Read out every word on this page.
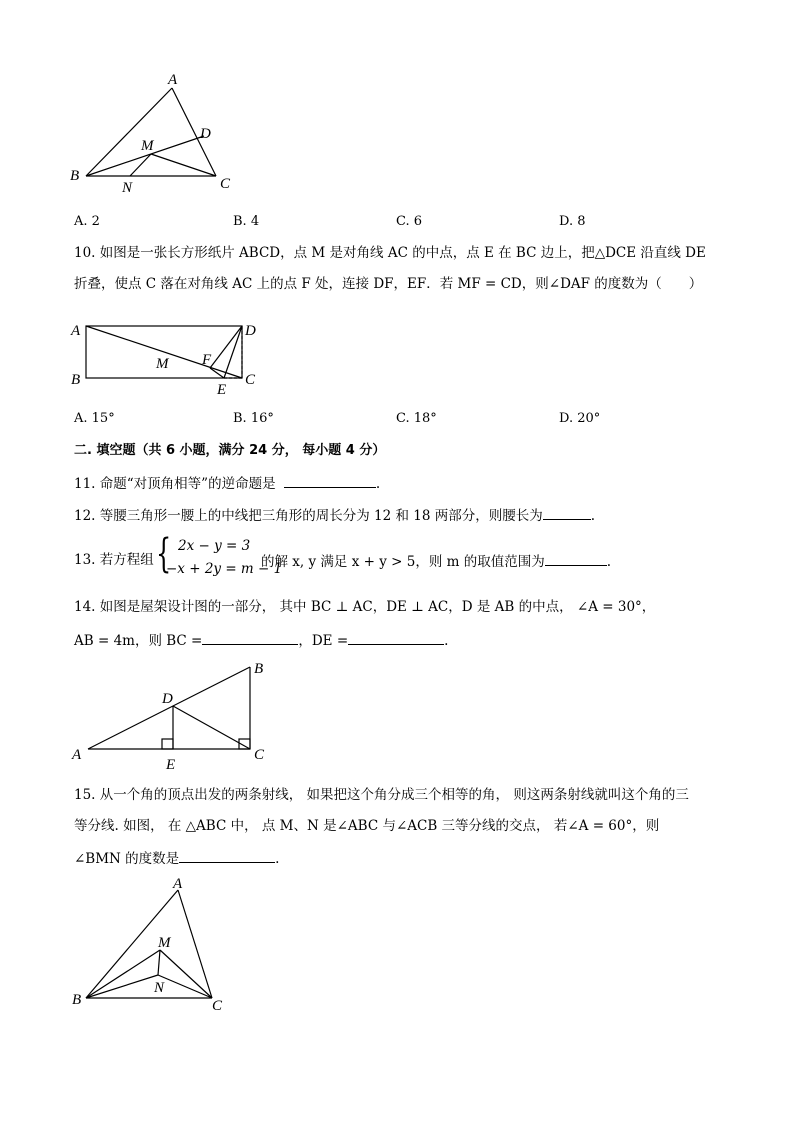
A
D
M
B
N	C
A. 2	B. 4	C. 6	D. 8
10. 如图是一张长方形纸片 ABCD，点 M 是对角线 AC 的中点，点 E 在 BC 边上，把△DCE 沿直线 DE
折叠，使点 C 落在对角线 AC 上的点 F 处，连接 DF，EF．若 MF = CD，则∠DAF 的度数为（　　）
A	D
M F
B	C
E
A. 15°	B. 16°	C. 18°	D. 20°
二. 填空题（共 6 小题，满分 24 分， 每小题 4 分）
11. 命题“对顶角相等”的逆命题是	.
12. 等腰三角形一腰上的中线把三角形的周长分为 12 和 18 两部分，则腰长为	.
13. 若方程组 { 2x − y = 3
−x + 2y = m − 1
的解 x, y 满足 x + y > 5，则 m 的取值范围为	.
14. 如图是屋架设计图的一部分， 其中 BC ⊥ AC，DE ⊥ AC，D 是 AB 的中点， ∠A = 30°，
AB = 4m，则 BC =	，DE =	.
B
D
A	C
E
15. 从一个角的顶点出发的两条射线， 如果把这个角分成三个相等的角， 则这两条射线就叫这个角的三
等分线. 如图， 在 △ABC 中， 点 M、N 是∠ABC 与∠ACB 三等分线的交点， 若∠A = 60°，则
∠BMN 的度数是	.
A
M
N
B	C
